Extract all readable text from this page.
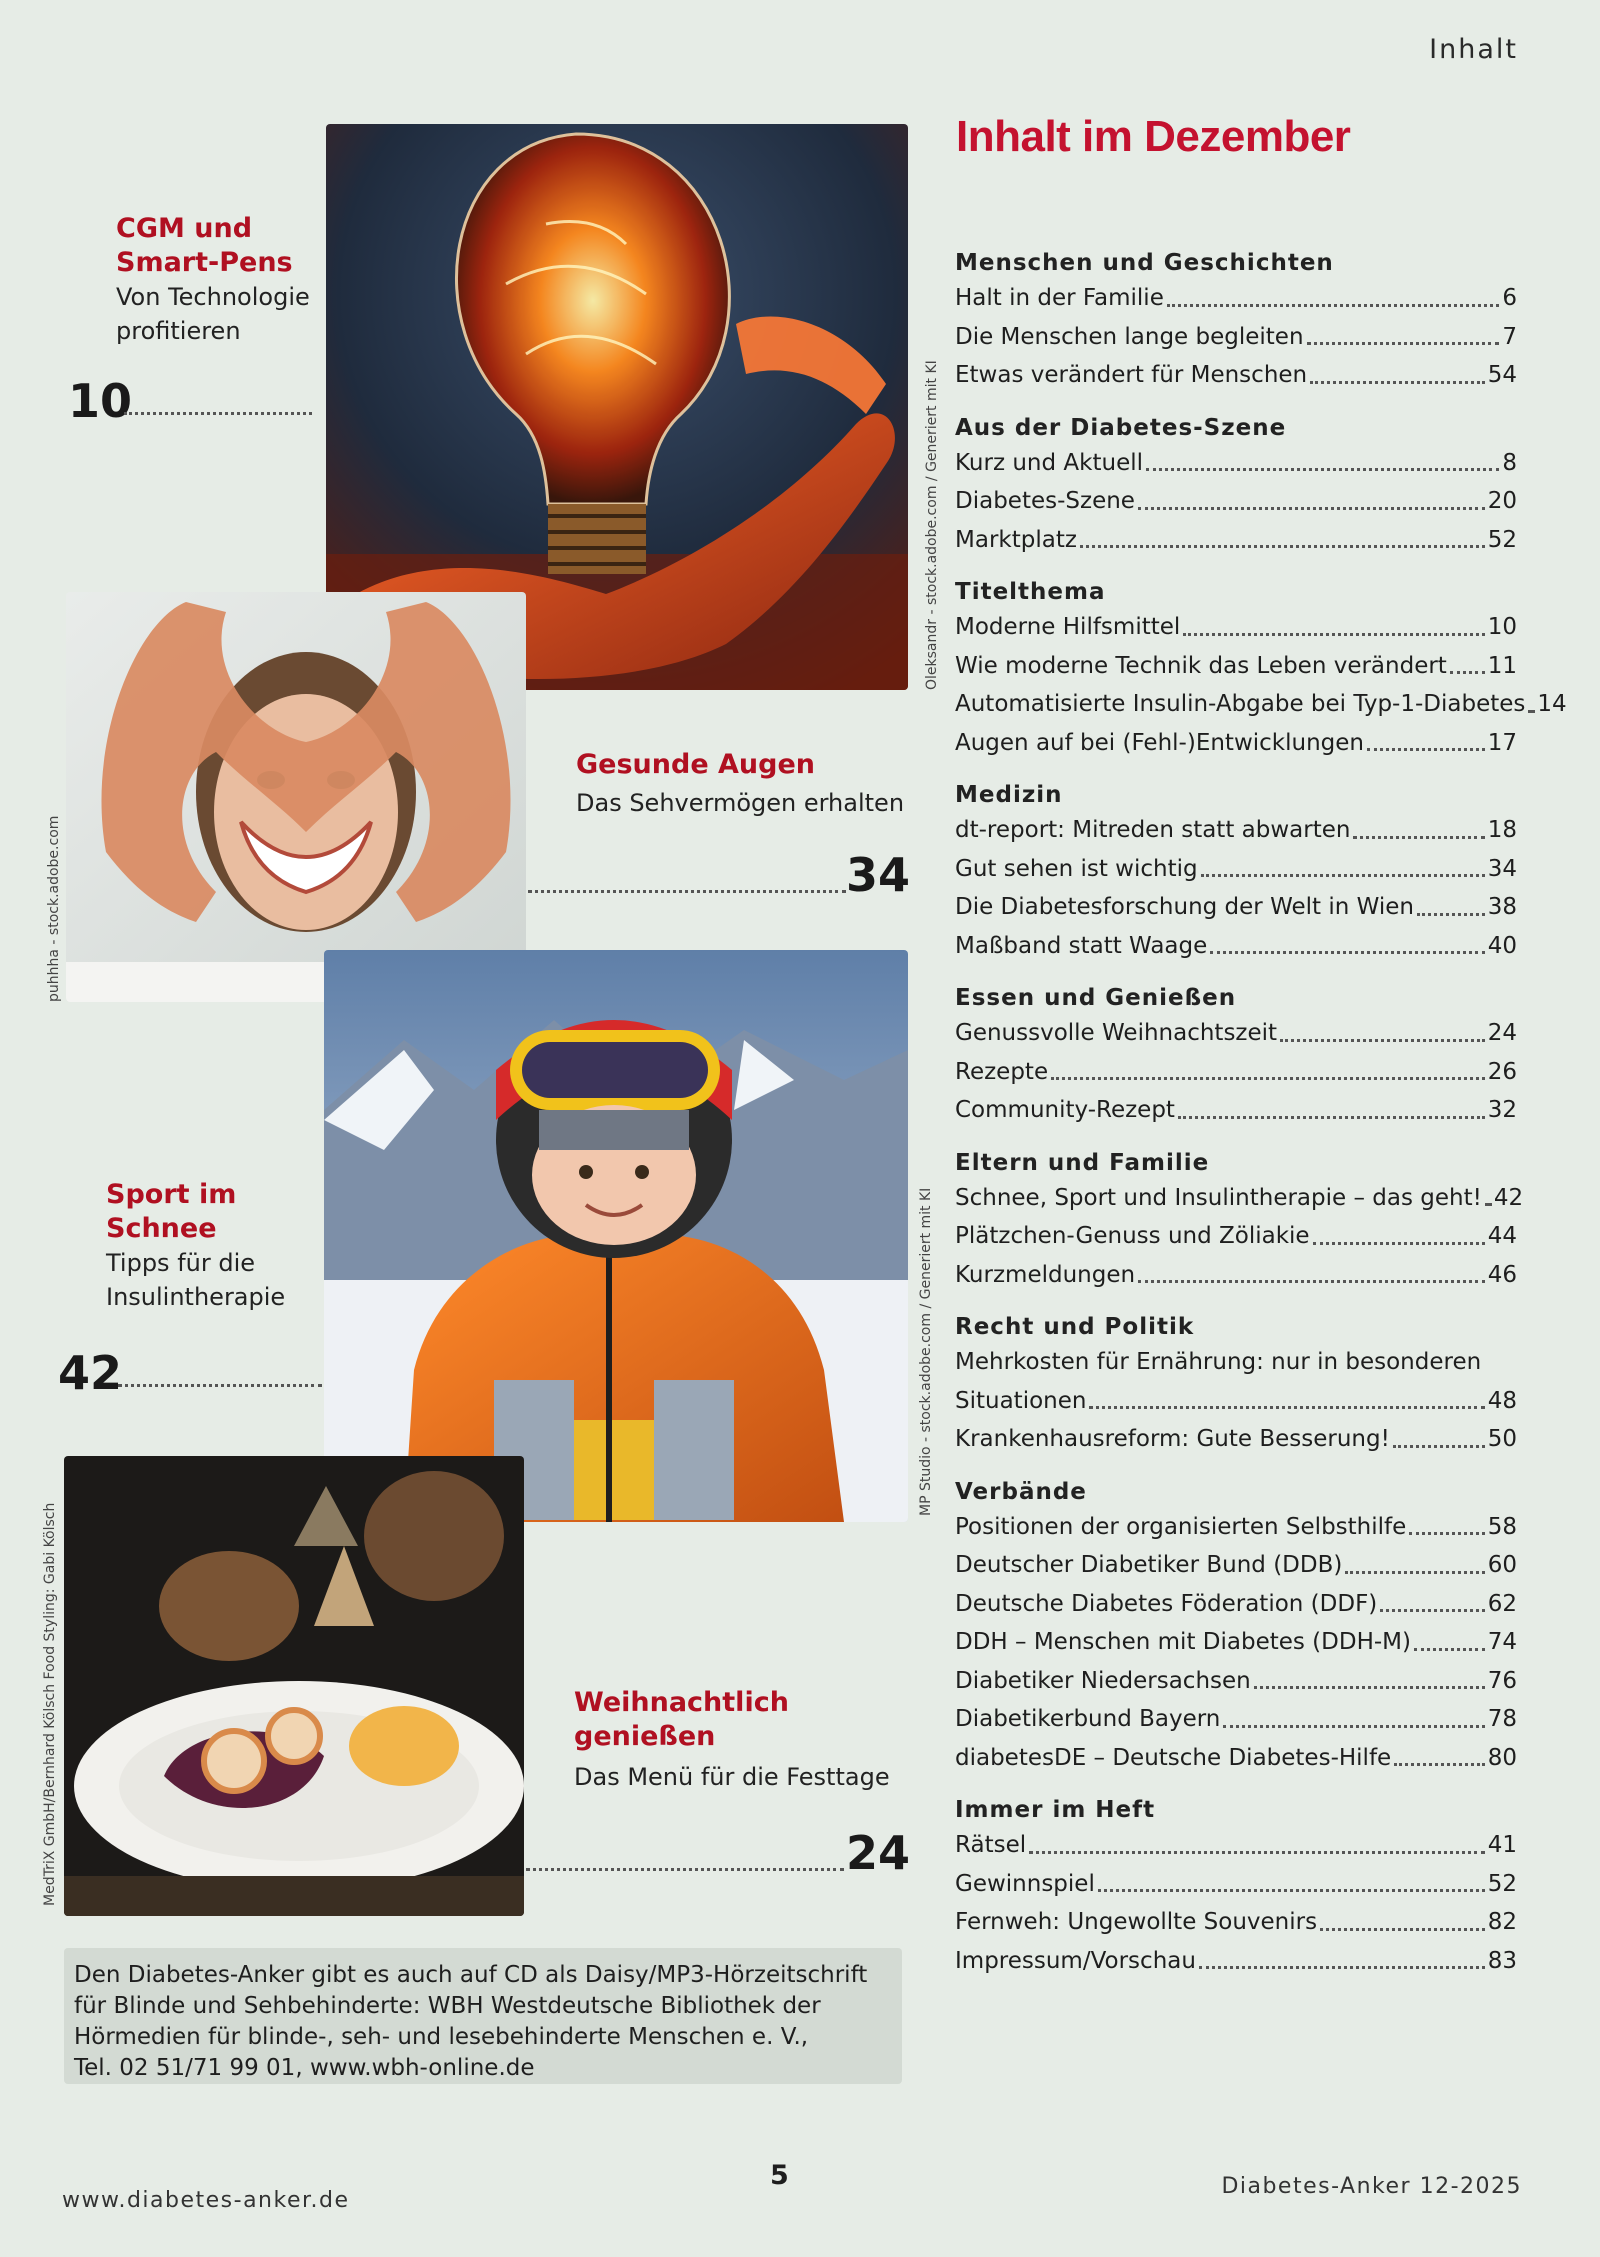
Inhalt
Inhalt im Dezember
Menschen und Geschichten
Halt in der Familie	6
Die Menschen lange begleiten	7
Etwas verändert für Menschen	54
Aus der Diabetes-Szene
Kurz und Aktuell	8
Diabetes-Szene	20
Marktplatz	52
Titelthema
Moderne Hilfsmittel	10
Wie moderne Technik das Leben verändert 11
Automatisierte Insulin-Abgabe bei Typ-1-Diabetes 14
Augen auf bei (Fehl-)Entwicklungen	17
Medizin
dt-report: Mitreden statt abwarten	18
Gut sehen ist wichtig	34
Die Diabetesforschung der Welt in Wien	38
Maßband statt Waage	40
Essen und Genießen
Genussvolle Weihnachtszeit	24
Rezepte	26
Community-Rezept	32
Eltern und Familie
Schnee, Sport und Insulintherapie – das geht! 42
Plätzchen-Genuss und Zöliakie	44
Kurzmeldungen	46
Recht und Politik
Mehrkosten für Ernährung: nur in besonderen
Situationen	48
Krankenhausreform: Gute Besserung!	50
Verbände
Positionen der organisierten Selbsthilfe	58
Deutscher Diabetiker Bund (DDB)	60
Deutsche Diabetes Föderation (DDF)	62
DDH – Menschen mit Diabetes (DDH-M)	74
Diabetiker Niedersachsen	76
Diabetikerbund Bayern	78
diabetesDE – Deutsche Diabetes-Hilfe	80
Immer im Heft
Rätsel	41
Gewinnspiel	52
Fernweh: Ungewollte Souvenirs	82
Impressum/Vorschau	83
Oleksandr - stock.adobe.com / Generiert mit KI
CGM und
Smart-Pens
Von Technologie
profitieren
10
puhhha - stock.adobe.com
Gesunde Augen
Das Sehvermögen erhalten
34
MP Studio - stock.adobe.com / Generiert mit KI
Sport im
Schnee
Tipps für die
Insulintherapie
42
MedTriX GmbH/Bernhard Kölsch Food Styling: Gabi Kölsch	Weihnachtlich
genießen
Das Menü für die Festtage
24
Den Diabetes-Anker gibt es auch auf CD als Daisy/MP3-Hörzeitschrift
für Blinde und Sehbehinderte: WBH Westdeutsche Bibliothek der
Hörmedien für blinde-, seh- und lesebehinderte Menschen e. V.,
Tel. 02 51/71 99 01, www.wbh-online.de
www.diabetes-anker.de
5	Diabetes-Anker 12-2025
